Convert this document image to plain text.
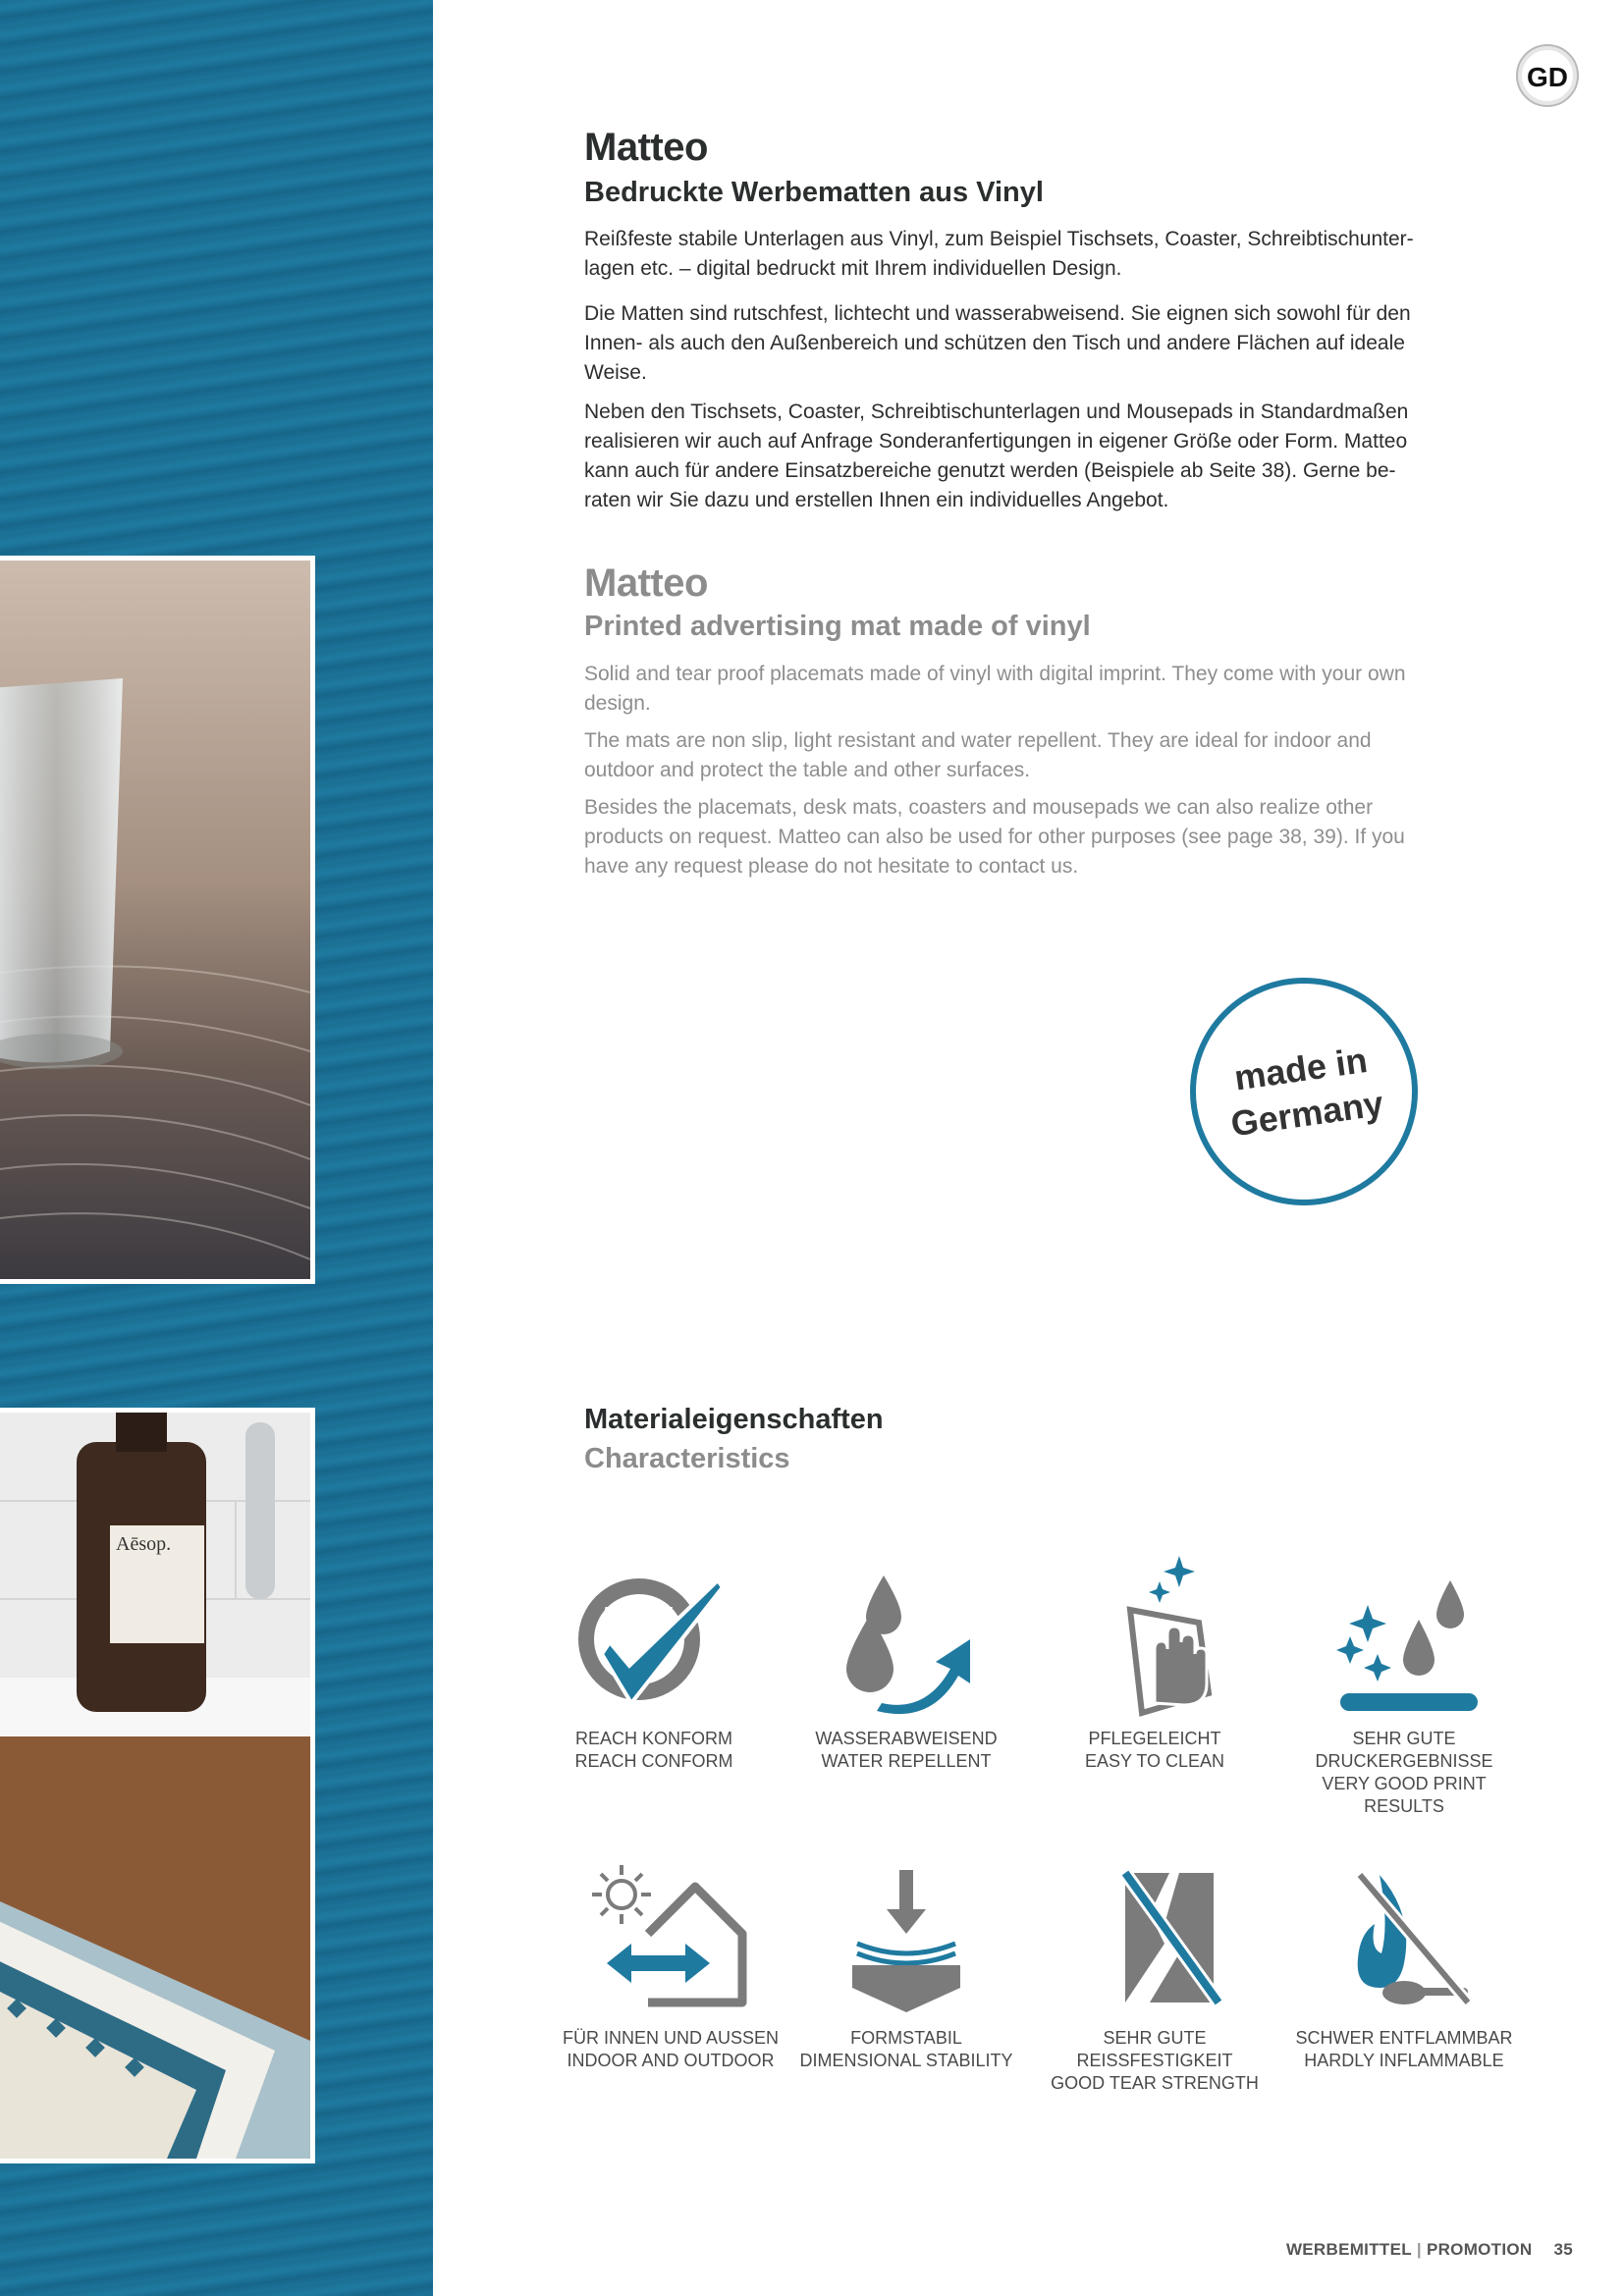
Aēsop.
GD
Matteo
Bedruckte Werbematten aus Vinyl

Reißfeste stabile Unterlagen aus Vinyl, zum Beispiel Tischsets, Coaster, Schreibtischunter-lagen etc. – digital bedruckt mit Ihrem individuellen Design.

Die Matten sind rutschfest, lichtecht und wasserabweisend. Sie eignen sich sowohl für den Innen- als auch den Außenbereich und schützen den Tisch und andere Flächen auf ideale Weise.

Neben den Tischsets, Coaster, Schreibtischunterlagen und Mousepads in Standardmaßen realisieren wir auch auf Anfrage Sonderanfertigungen in eigener Größe oder Form. Matteo kann auch für andere Einsatzbereiche genutzt werden (Beispiele ab Seite 38). Gerne be-raten wir Sie dazu und erstellen Ihnen ein individuelles Angebot.

Matteo
Printed advertising mat made of vinyl

Solid and tear proof placemats made of vinyl with digital imprint. They come with your own design.

The mats are non slip, light resistant and water repellent. They are ideal for indoor and outdoor and protect the table and other surfaces.

Besides the placemats, desk mats, coasters and mousepads we can also realize other products on request. Matteo can also be used for other purposes (see page 38, 39). If you have any request please do not hesitate to contact us.

made in
Germany
Materialeigenschaften
Characteristics
REACH
REACH KONFORM
REACH CONFORM
WASSERABWEISEND
WATER REPELLENT
PFLEGELEICHT
EASY TO CLEAN
SEHR GUTE DRUCKERGEBNISSE
VERY GOOD PRINT RESULTS
FÜR INNEN UND AUSSEN
INDOOR AND OUTDOOR
FORMSTABIL
DIMENSIONAL STABILITY
SEHR GUTE REISSFESTIGKEIT
GOOD TEAR STRENGTH
SCHWER ENTFLAMMBAR
HARDLY INFLAMMABLE
WERBEMITTEL | PROMOTION 35
